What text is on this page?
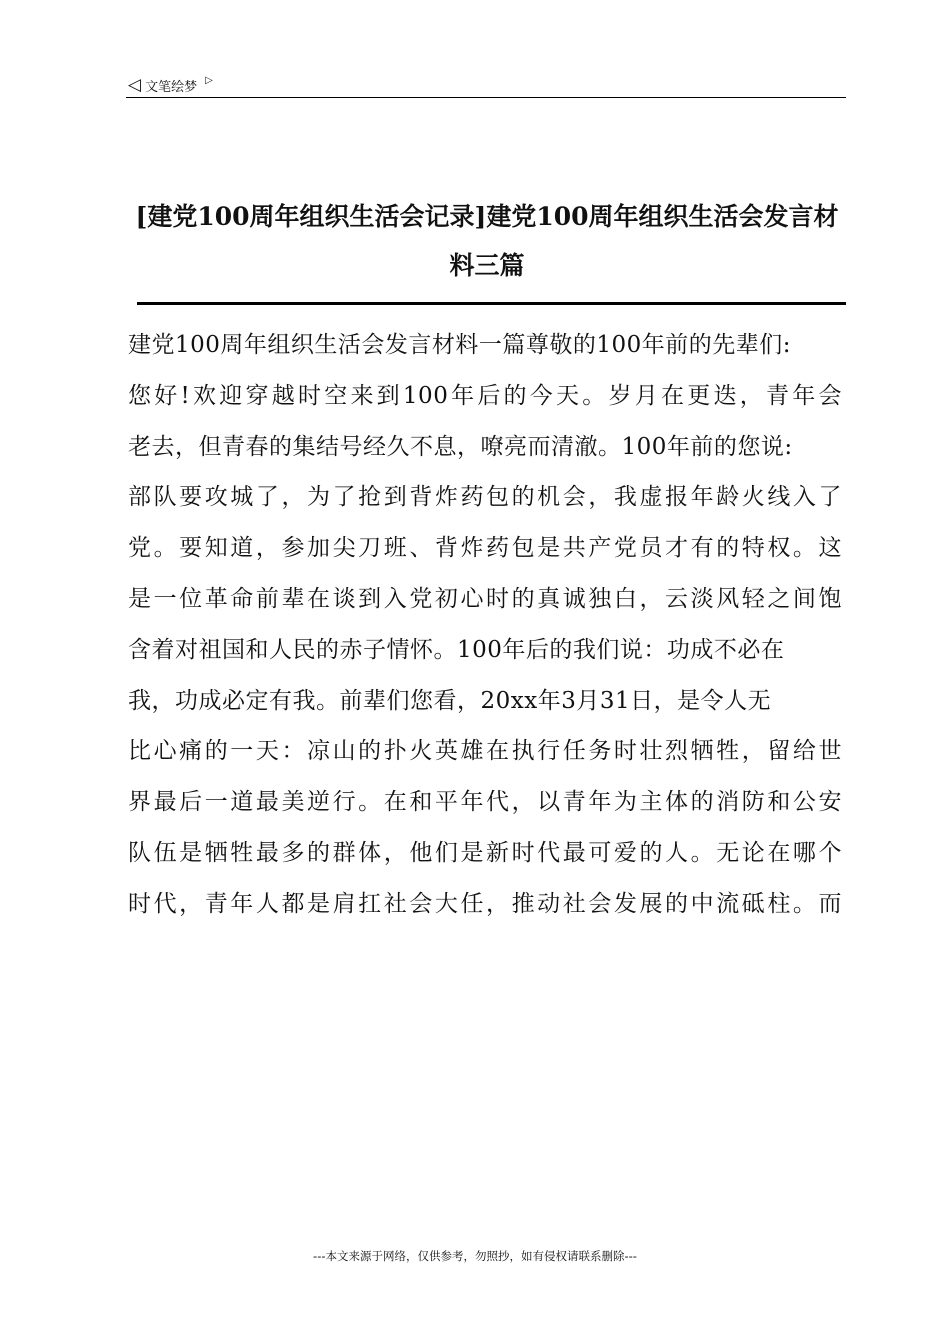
◁ 文笔绘梦 ▷
[建党100周年组织生活会记录]建党100周年组织生活会发言材
料三篇
建党100周年组织生活会发言材料一篇尊敬的100年前的先辈们:
您好!欢迎穿越时空来到100年后的今天。岁月在更迭，青年会
老去，但青春的集结号经久不息，嘹亮而清澈。100年前的您说:
部队要攻城了，为了抢到背炸药包的机会，我虚报年龄火线入了
党。要知道，参加尖刀班、背炸药包是共产党员才有的特权。这
是一位革命前辈在谈到入党初心时的真诚独白，云淡风轻之间饱
含着对祖国和人民的赤子情怀。100年后的我们说：功成不必在
我，功成必定有我。前辈们您看，20xx年3月31日，是令人无
比心痛的一天：凉山的扑火英雄在执行任务时壮烈牺牲，留给世
界最后一道最美逆行。在和平年代，以青年为主体的消防和公安
队伍是牺牲最多的群体，他们是新时代最可爱的人。无论在哪个
时代，青年人都是肩扛社会大任，推动社会发展的中流砥柱。而
---本文来源于网络，仅供参考，勿照抄，如有侵权请联系删除---
